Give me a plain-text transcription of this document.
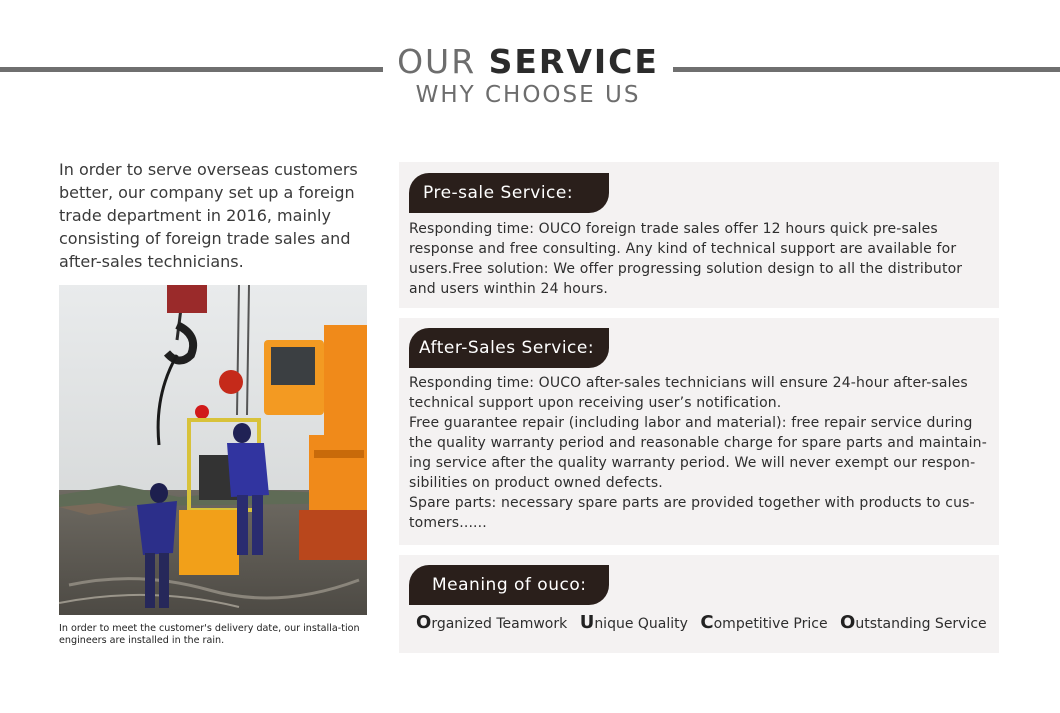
OUR SERVICE
WHY CHOOSE US
In order to serve overseas customers better, our company set up a foreign trade department in 2016, mainly consisting of foreign trade sales and after-sales technicians.
In order to meet the customer's delivery date, our installa-tion engineers are installed in the rain.
Pre-sale Service:
Responding time: OUCO foreign trade sales offer 12 hours quick pre-sales response and free consulting. Any kind of technical support are available for users.Free solution: We offer progressing solution design to all the distributor and users winthin 24 hours.
After-Sales Service:
Responding time: OUCO after-sales technicians will ensure 24-hour after-sales technical support upon receiving user’s notification.
Free guarantee repair (including labor and material): free repair service during the quality warranty period and reasonable charge for spare parts and maintain-ing service after the quality warranty period. We will never exempt our respon-sibilities on product owned defects.
Spare parts: necessary spare parts are provided together with products to cus-tomers......
Meaning of ouco:
Organized Teamwork Unique Quality Competitive Price Outstanding Service
